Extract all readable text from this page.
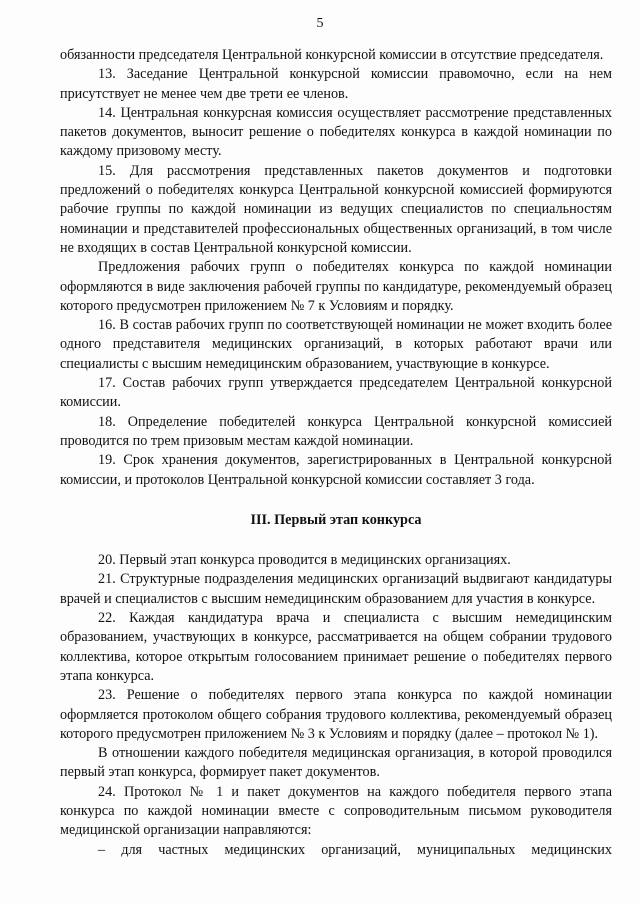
5

обязанности председателя Центральной конкурсной комиссии в отсутствие председателя.

13. Заседание Центральной конкурсной комиссии правомочно, если на нем присутствует не менее чем две трети ее членов.

14. Центральная конкурсная комиссия осуществляет рассмотрение представленных пакетов документов, выносит решение о победителях конкурса в каждой номинации по каждому призовому месту.

15. Для рассмотрения представленных пакетов документов и подготовки предложений о победителях конкурса Центральной конкурсной комиссией формируются рабочие группы по каждой номинации из ведущих специалистов по специальностям номинации и представителей профессиональных общественных организаций, в том числе не входящих в состав Центральной конкурсной комиссии.

Предложения рабочих групп о победителях конкурса по каждой номинации оформляются в виде заключения рабочей группы по кандидатуре, рекомендуемый образец которого предусмотрен приложением № 7 к Условиям и порядку.

16. В состав рабочих групп по соответствующей номинации не может входить более одного представителя медицинских организаций, в которых работают врачи или специалисты с высшим немедицинским образованием, участвующие в конкурсе.

17. Состав рабочих групп утверждается председателем Центральной конкурсной комиссии.

18. Определение победителей конкурса Центральной конкурсной комиссией проводится по трем призовым местам каждой номинации.

19. Срок хранения документов, зарегистрированных в Центральной конкурсной комиссии, и протоколов Центральной конкурсной комиссии составляет 3 года.

III. Первый этап конкурса

20. Первый этап конкурса проводится в медицинских организациях.

21. Структурные подразделения медицинских организаций выдвигают кандидатуры врачей и специалистов с высшим немедицинским образованием для участия в конкурсе.

22. Каждая кандидатура врача и специалиста с высшим немедицинским образованием, участвующих в конкурсе, рассматривается на общем собрании трудового коллектива, которое открытым голосованием принимает решение о победителях первого этапа конкурса.

23. Решение о победителях первого этапа конкурса по каждой номинации оформляется протоколом общего собрания трудового коллектива, рекомендуемый образец которого предусмотрен приложением № 3 к Условиям и порядку (далее – протокол № 1).

В отношении каждого победителя медицинская организация, в которой проводился первый этап конкурса, формирует пакет документов.

24. Протокол № 1 и пакет документов на каждого победителя первого этапа конкурса по каждой номинации вместе с сопроводительным письмом руководителя медицинской организации направляются:

– для частных медицинских организаций, муниципальных медицинских
